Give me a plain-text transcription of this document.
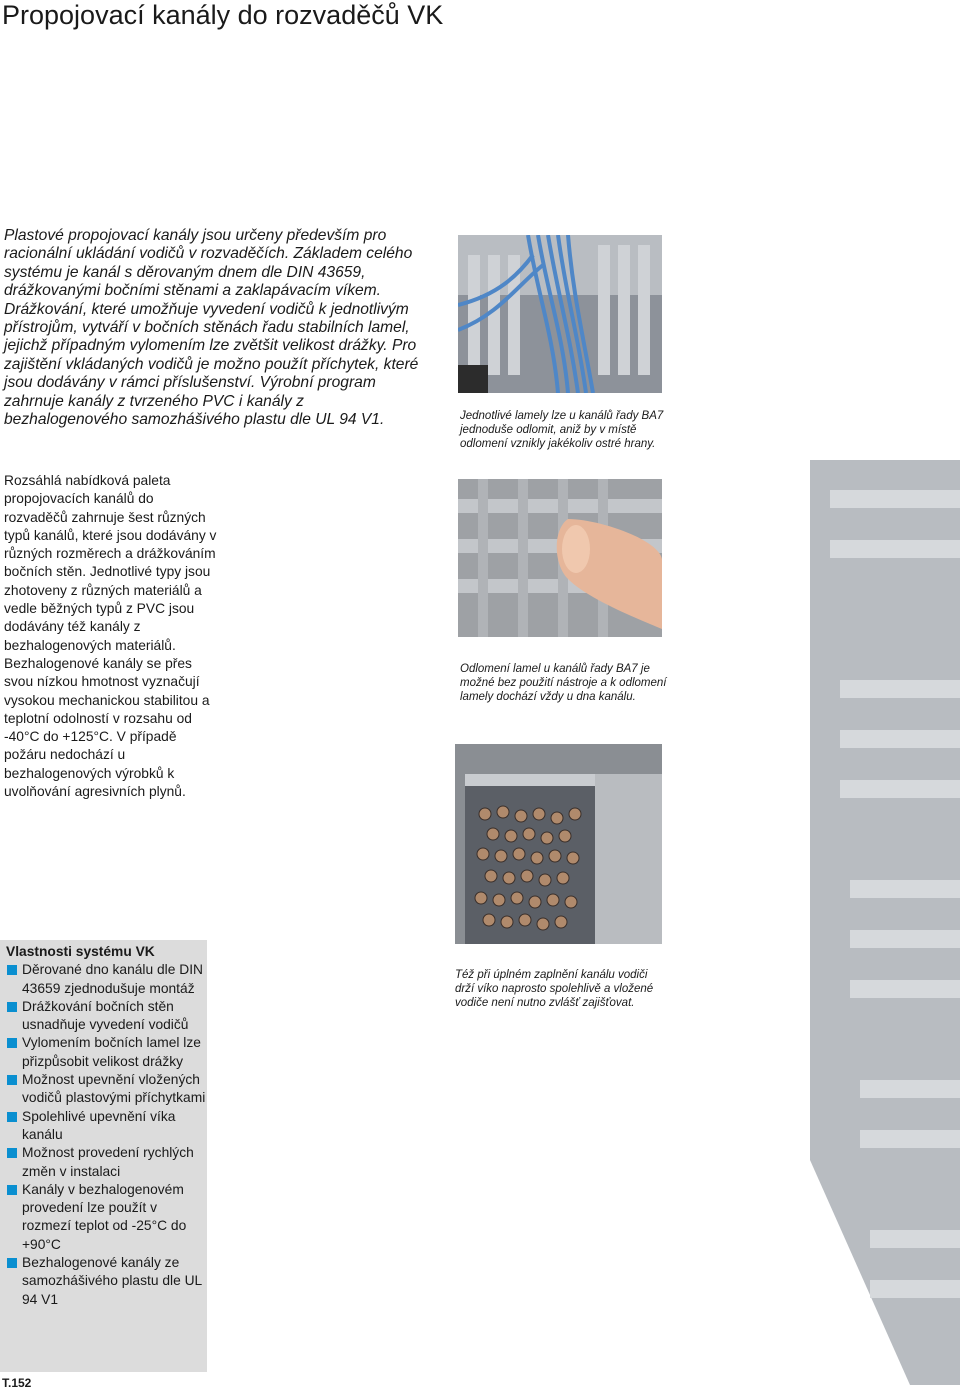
Propojovací kanály do rozvaděčů VK
Plastové propojovací kanály jsou určeny především pro racionální ukládání vodičů v rozvaděčích. Základem celého systému je kanál s děrovaným dnem dle DIN 43659, drážkovanými bočními stěnami a zaklapávacím víkem. Drážkování, které umožňuje vyvedení vodičů k jednotlivým přístrojům, vytváří v bočních stěnách řadu stabilních lamel, jejichž případným vylomením lze zvětšit velikost drážky. Pro zajištění vkládaných vodičů je možno použít příchytek, které jsou dodávány v rámci příslušenství. Výrobní program zahrnuje kanály z tvrzeného PVC i kanály z bezhalogenového samozhášivého plastu dle UL 94 V1.
Rozsáhlá nabídková paleta propojovacích kanálů do rozvaděčů zahrnuje šest různých typů kanálů, které jsou dodávány v různých rozměrech a drážkováním bočních stěn. Jednotlivé typy jsou zhotoveny z různých materiálů a vedle běžných typů z PVC jsou dodávány též kanály z bezhalogenových materiálů. Bezhalogenové kanály se přes svou nízkou hmotnost vyznačují vysokou mechanickou stabilitou a teplotní odolností v rozsahu od -40°C do +125°C. V případě požáru nedochází u bezhalogenových výrobků k uvolňování agresivních plynů.
Jednotlivé lamely lze u kanálů řady BA7 jednoduše odlomit, aniž by v místě odlomení vznikly jakékoliv ostré hrany.
Odlomení lamel u kanálů řady BA7 je možné bez použití nástroje a k odlomení lamely dochází vždy u dna kanálu.
Též při úplném zaplnění kanálu vodiči drží víko naprosto spolehlivě a vložené vodiče není nutno zvlášť zajišťovat.
Vlastnosti systému VK
Děrované dno kanálu dle DIN 43659 zjednodušuje montáž
Drážkování bočních stěn usnadňuje vyvedení vodičů
Vylomením bočních lamel lze přizpůsobit velikost drážky
Možnost upevnění vložených vodičů plastovými příchytkami
Spolehlivé upevnění víka kanálu
Možnost provedení rychlých změn v instalaci
Kanály v bezhalogenovém provedení lze použít v rozmezí teplot od -25°C do +90°C
Bezhalogenové kanály ze samozhášivého plastu dle UL 94 V1
T.152
